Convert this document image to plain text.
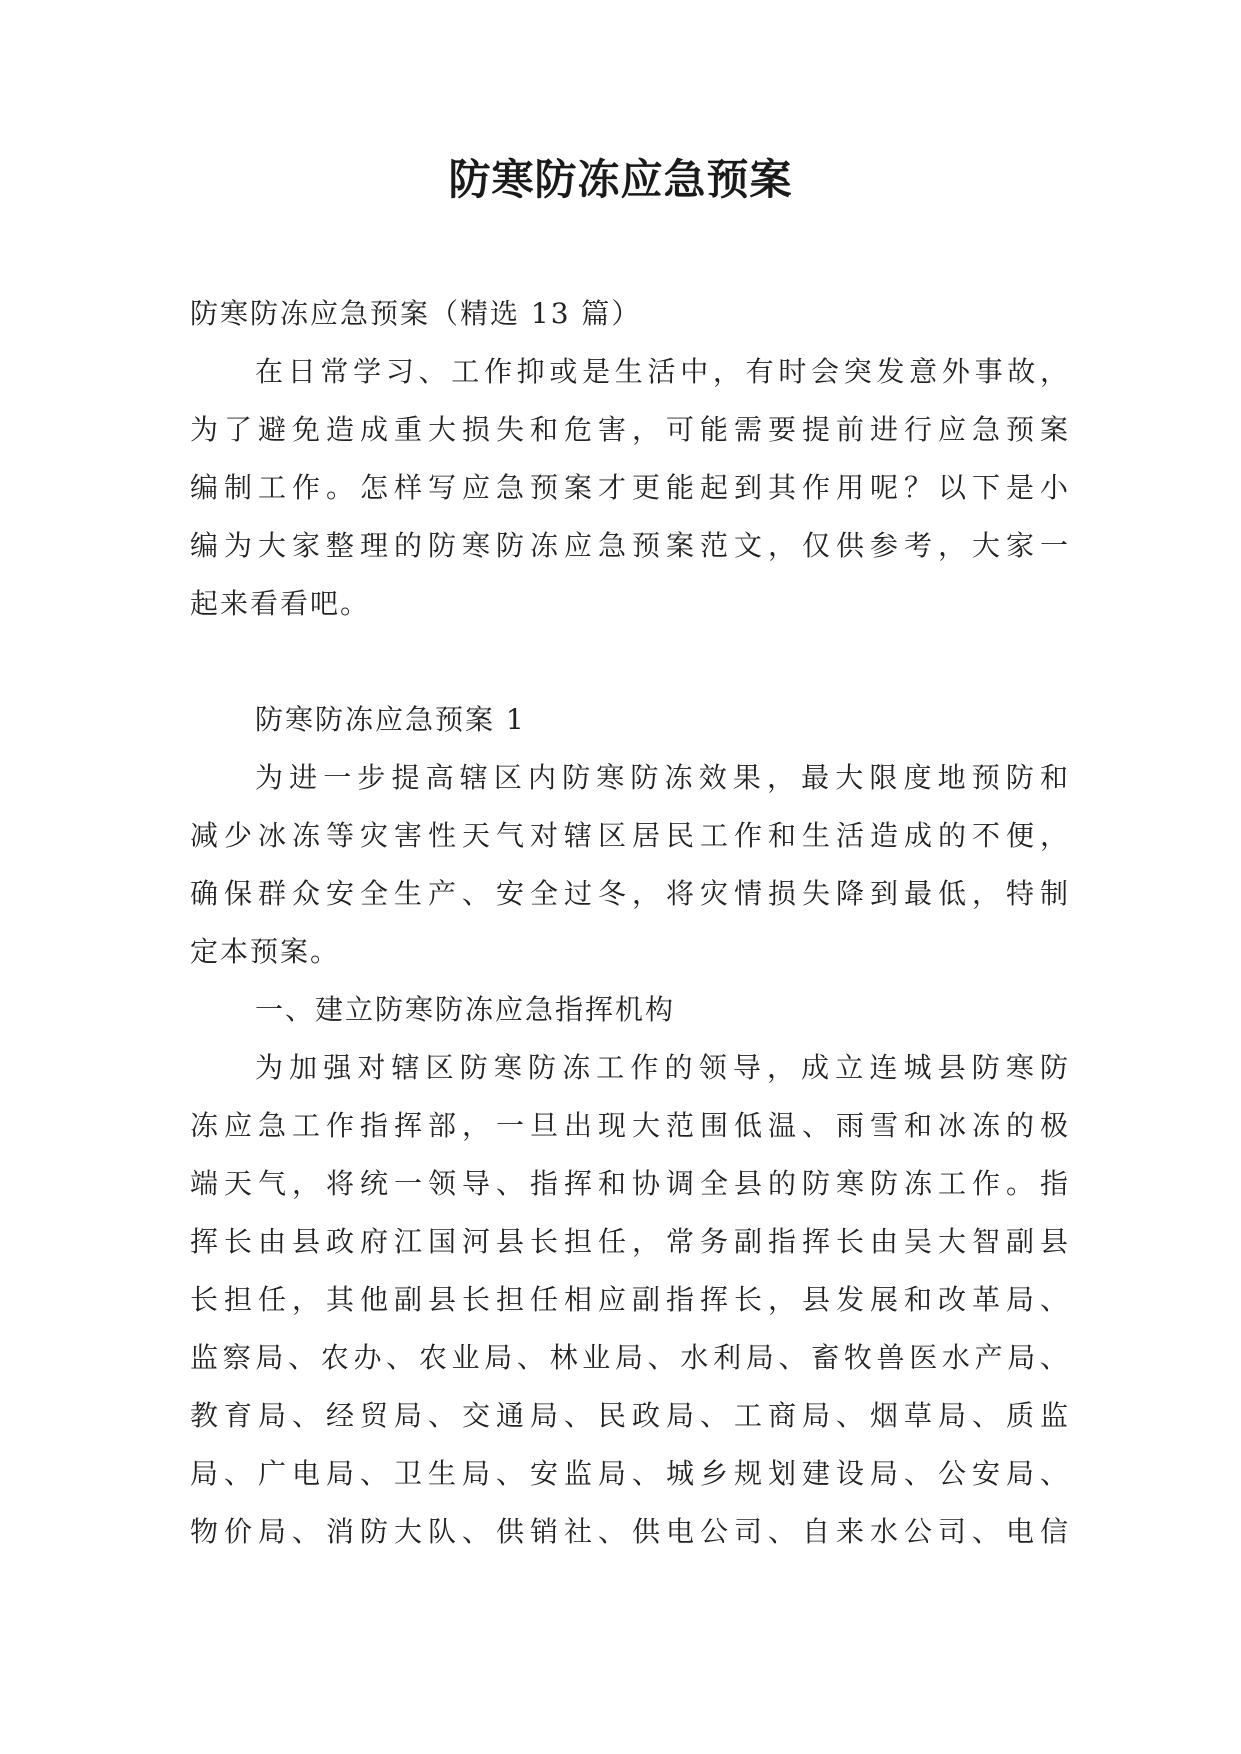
防寒防冻应急预案
防寒防冻应急预案（精选 13 篇）
在日常学习、工作抑或是生活中，有时会突发意外事故，
为了避免造成重大损失和危害，可能需要提前进行应急预案
编制工作。怎样写应急预案才更能起到其作用呢？以下是小
编为大家整理的防寒防冻应急预案范文，仅供参考，大家一
起来看看吧。
防寒防冻应急预案 1
为进一步提高辖区内防寒防冻效果，最大限度地预防和
减少冰冻等灾害性天气对辖区居民工作和生活造成的不便，
确保群众安全生产、安全过冬，将灾情损失降到最低，特制
定本预案。
一、建立防寒防冻应急指挥机构
为加强对辖区防寒防冻工作的领导，成立连城县防寒防
冻应急工作指挥部，一旦出现大范围低温、雨雪和冰冻的极
端天气，将统一领导、指挥和协调全县的防寒防冻工作。指
挥长由县政府江国河县长担任，常务副指挥长由吴大智副县
长担任，其他副县长担任相应副指挥长，县发展和改革局、
监察局、农办、农业局、林业局、水利局、畜牧兽医水产局、
教育局、经贸局、交通局、民政局、工商局、烟草局、质监
局、广电局、卫生局、安监局、城乡规划建设局、公安局、
物价局、消防大队、供销社、供电公司、自来水公司、电信
